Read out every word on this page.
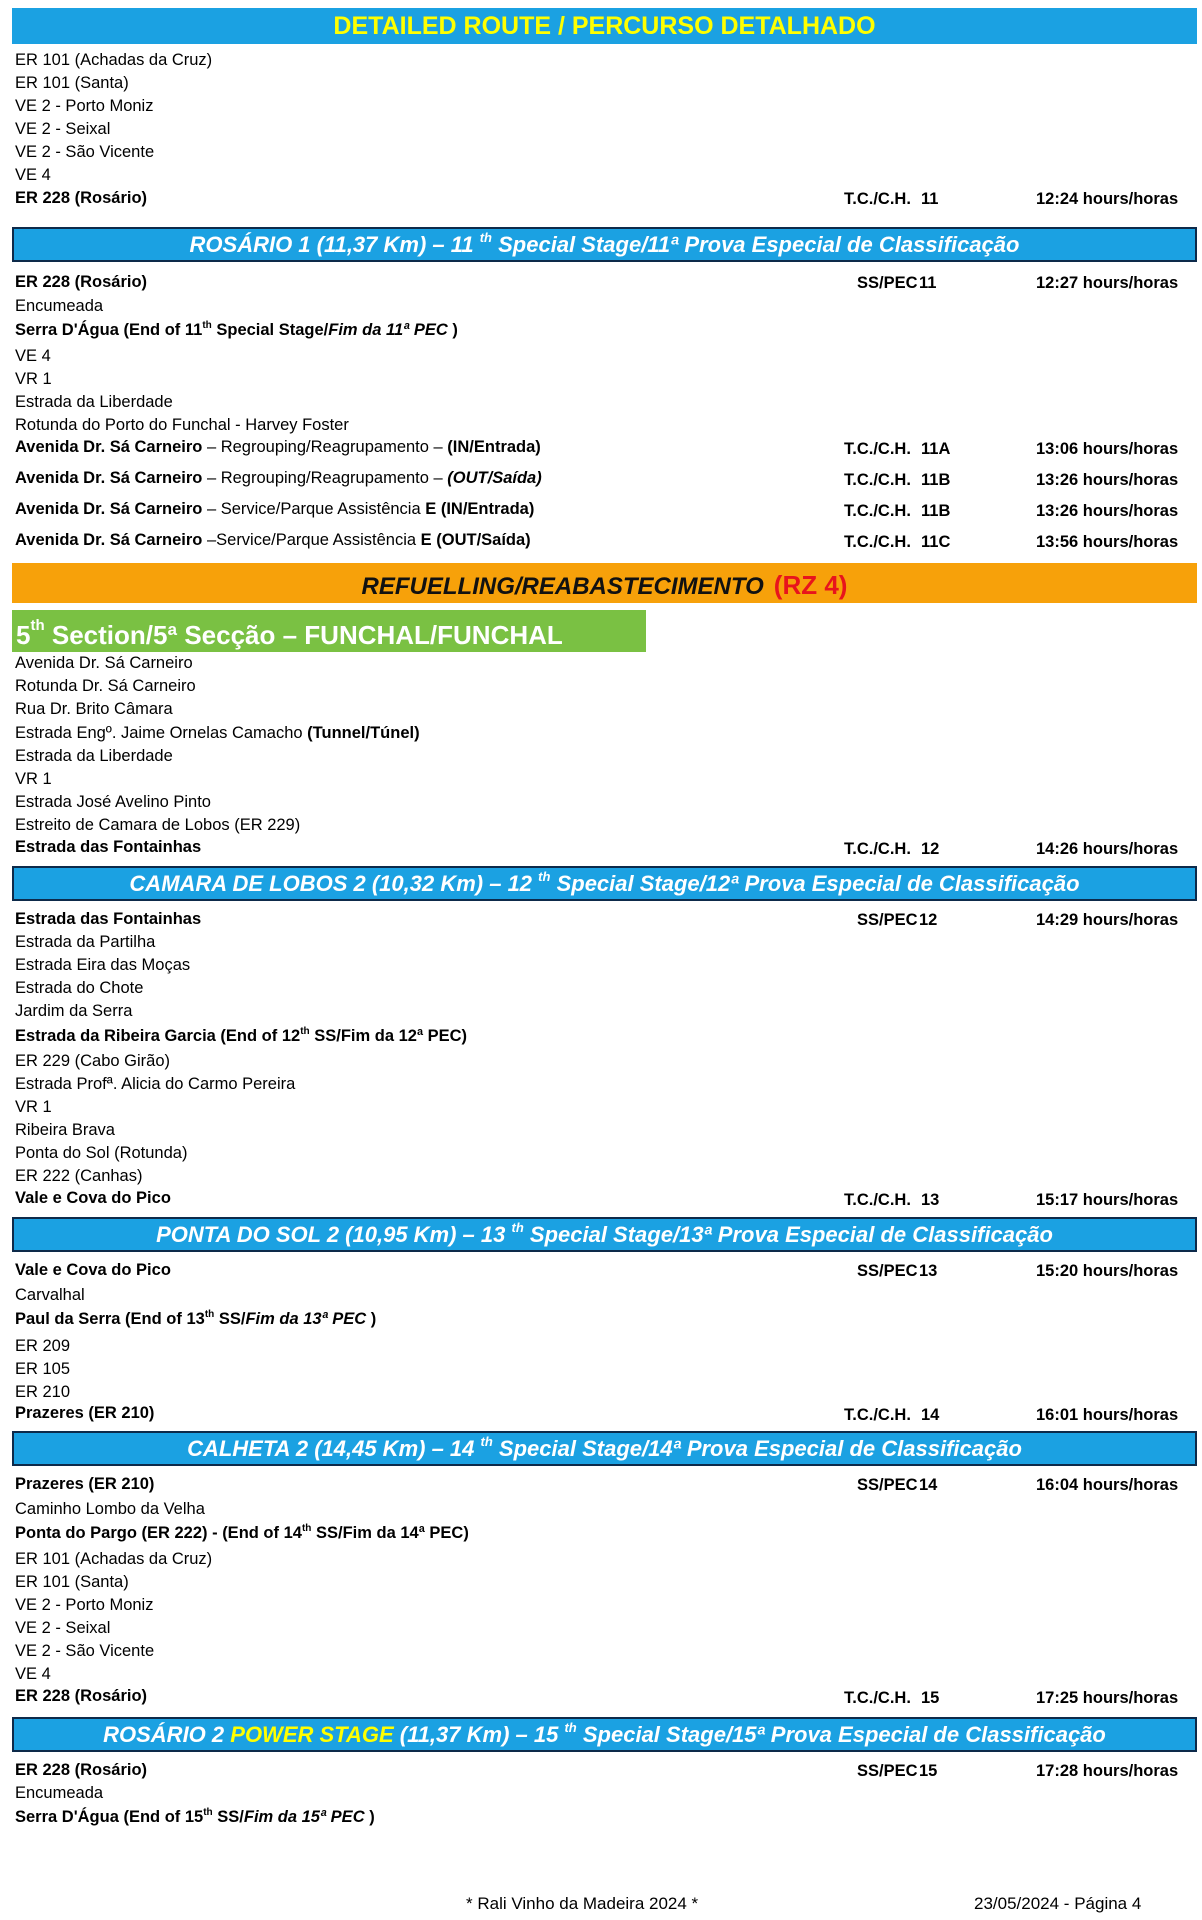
DETAILED ROUTE / PERCURSO DETALHADO
ER 101 (Achadas da Cruz)
ER 101 (Santa)
VE 2 - Porto Moniz
VE 2 - Seixal
VE 2 - São Vicente
VE 4
ER 228 (Rosário)	T.C./C.H. 11	12:24 hours/horas
ROSÁRIO 1 (11,37 Km) – 11 $^{th}$ Special Stage/11ª Prova Especial de Classificação
ER 228 (Rosário)	SS/PEC 11	12:27 hours/horas
Encumeada
Serra D'Água (End of 11th Special Stage/Fim da 11ª PEC )
VE 4
VR 1
Estrada da Liberdade
Rotunda do Porto do Funchal - Harvey Foster
Avenida Dr. Sá Carneiro – Regrouping/Reagrupamento – (IN/Entrada)	T.C./C.H. 11A	13:06 hours/horas
Avenida Dr. Sá Carneiro – Regrouping/Reagrupamento – (OUT/Saída)	T.C./C.H. 11B	13:26 hours/horas
Avenida Dr. Sá Carneiro – Service/Parque Assistência E (IN/Entrada)	T.C./C.H. 11B	13:26 hours/horas
Avenida Dr. Sá Carneiro –Service/Parque Assistência E (OUT/Saída)	T.C./C.H. 11C	13:56 hours/horas
REFUELLING/REABASTECIMENTO (RZ 4)
5th Section/5ª Secção – FUNCHAL/FUNCHAL
Avenida Dr. Sá Carneiro
Rotunda Dr. Sá Carneiro
Rua Dr. Brito Câmara
Estrada Engº. Jaime Ornelas Camacho (Tunnel/Túnel)
Estrada da Liberdade
VR 1
Estrada José Avelino Pinto
Estreito de Camara de Lobos (ER 229)
Estrada das Fontainhas	T.C./C.H. 12	14:26 hours/horas
CAMARA DE LOBOS 2 (10,32 Km) – 12 $^{th}$ Special Stage/12ª Prova Especial de Classificação
Estrada das Fontainhas	SS/PEC 12	14:29 hours/horas
Estrada da Partilha
Estrada Eira das Moças
Estrada do Chote
Jardim da Serra
Estrada da Ribeira Garcia (End of 12th SS/Fim da 12ª PEC)
ER 229 (Cabo Girão)
Estrada Profª. Alicia do Carmo Pereira
VR 1
Ribeira Brava
Ponta do Sol (Rotunda)
ER 222 (Canhas)
Vale e Cova do Pico	T.C./C.H. 13	15:17 hours/horas
PONTA DO SOL 2 (10,95 Km) – 13 $^{th}$ Special Stage/13ª Prova Especial de Classificação
Vale e Cova do Pico	SS/PEC 13	15:20 hours/horas
Carvalhal
Paul da Serra (End of 13th SS/Fim da 13ª PEC )
ER 209
ER 105
ER 210
Prazeres (ER 210)	T.C./C.H. 14	16:01 hours/horas
CALHETA 2 (14,45 Km) – 14 $^{th}$ Special Stage/14ª Prova Especial de Classificação
Prazeres (ER 210)	SS/PEC 14	16:04 hours/horas
Caminho Lombo da Velha
Ponta do Pargo (ER 222) - (End of 14th SS/Fim da 14ª PEC)
ER 101 (Achadas da Cruz)
ER 101 (Santa)
VE 2 - Porto Moniz
VE 2 - Seixal
VE 2 - São Vicente
VE 4
ER 228 (Rosário)	T.C./C.H. 15	17:25 hours/horas
ROSÁRIO 2 POWER STAGE (11,37 Km) – 15 $^{th}$ Special Stage/15ª Prova Especial de Classificação
ER 228 (Rosário)	SS/PEC 15	17:28 hours/horas
Encumeada
Serra D'Água (End of 15th SS/Fim da 15ª PEC )
* Rali Vinho da Madeira 2024 *	23/05/2024 - Página 4
